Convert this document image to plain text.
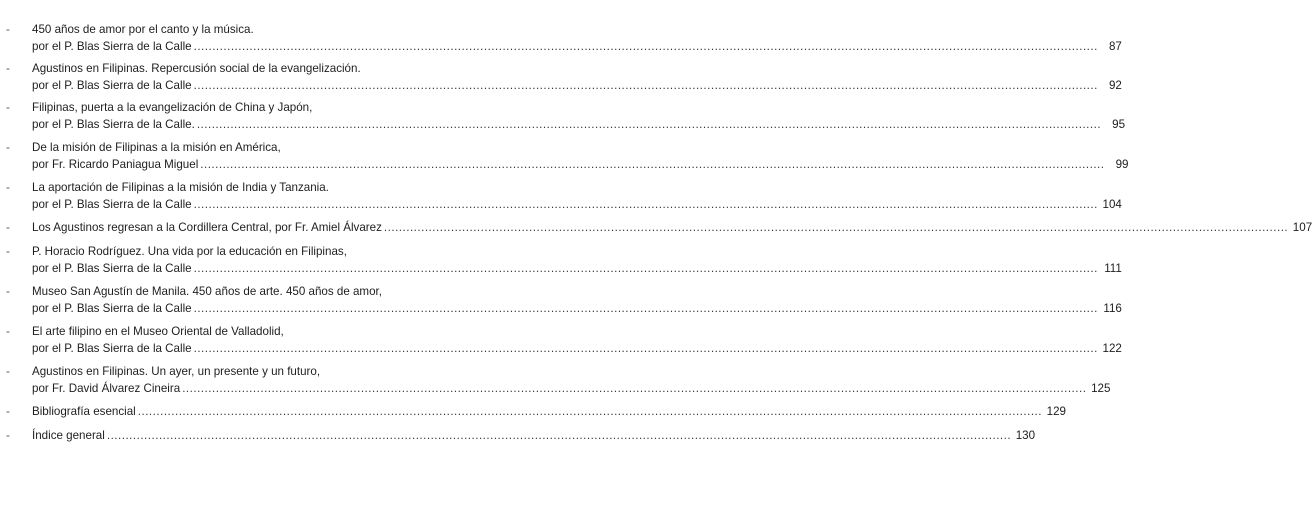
- 450 años de amor por el canto y la música.
por el P. Blas Sierra de la Calle .....	87
- Agustinos en Filipinas. Repercusión social de la evangelización.
por el P. Blas Sierra de la Calle .....	92
- Filipinas, puerta a la evangelización de China y Japón,
por el P. Blas Sierra de la Calle. .....	95
- De la misión de Filipinas a la misión en América,
por Fr. Ricardo Paniagua Miguel .....	99
- La aportación de Filipinas a la misión de India y Tanzania.
por el P. Blas Sierra de la Calle .....	104
- Los Agustinos regresan a la Cordillera Central, por Fr. Amiel Álvarez .....	107
- P. Horacio Rodríguez. Una vida por la educación en Filipinas,
por el P. Blas Sierra de la Calle .....	111
- Museo San Agustín de Manila. 450 años de arte. 450 años de amor,
por el P. Blas Sierra de la Calle .....	116
- El arte filipino en el Museo Oriental de Valladolid,
por el P. Blas Sierra de la Calle .....	122
- Agustinos en Filipinas. Un ayer, un presente y un futuro,
por Fr. David Álvarez Cineira .....	125
- Bibliografía esencial .....	129
- Índice general .....	130
